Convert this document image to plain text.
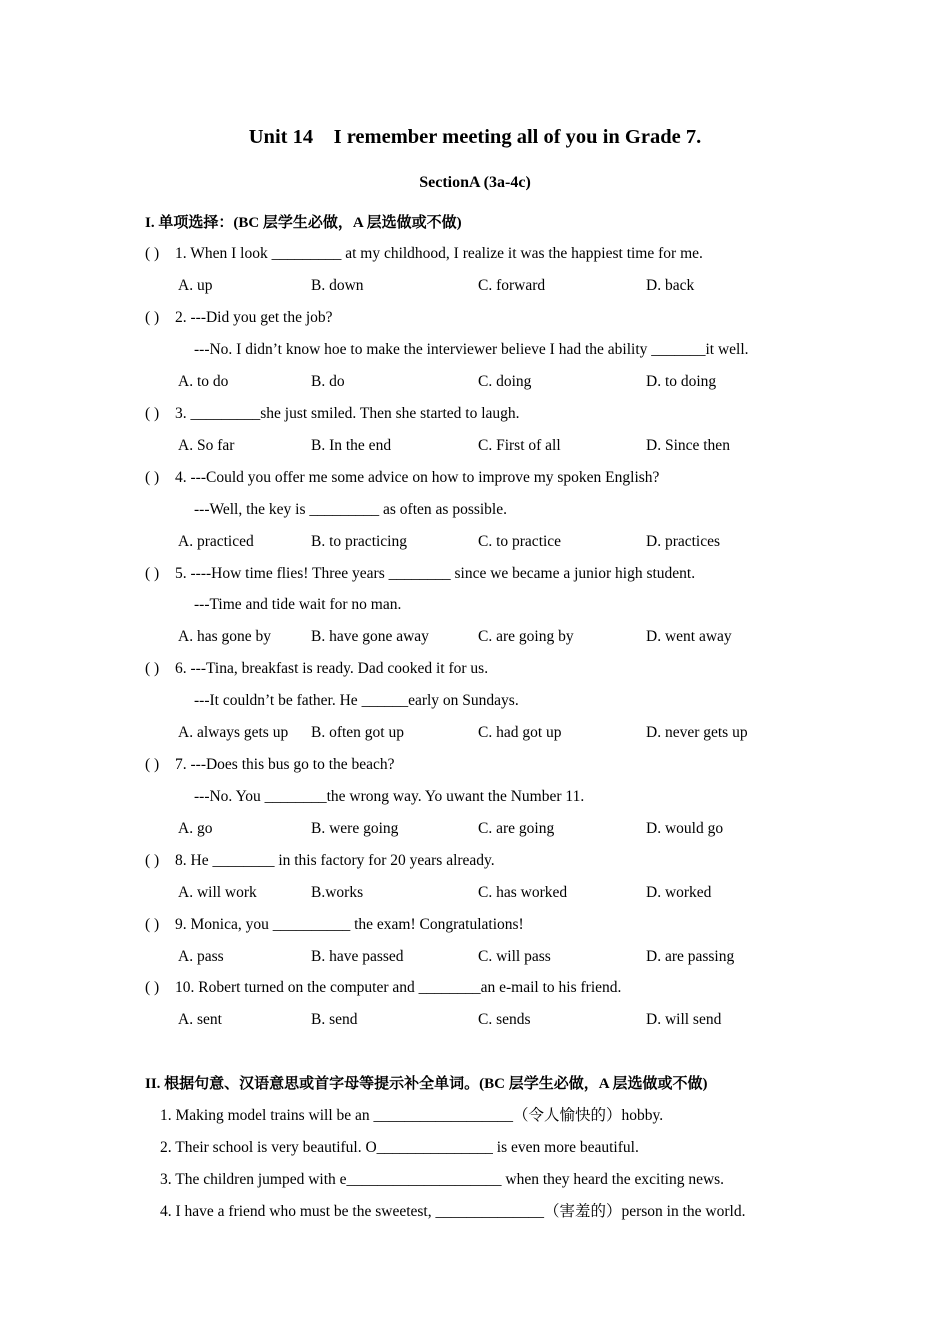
Unit 14    I remember meeting all of you in Grade 7.
SectionA (3a-4c)
I. 单项选择：(BC 层学生必做，A 层选做或不做)
( ) 1. When I look _________ at my childhood, I realize it was the happiest time for me.
A. up	B. down	C. forward	D. back
( ) 2. ---Did you get the job?
---No. I didn’t know hoe to make the interviewer believe I had the ability _______it well.
A. to do	B. do	C. doing	D. to doing
( ) 3. _________she just smiled. Then she started to laugh.
A. So far	B. In the end	C. First of all	D. Since then
( ) 4. ---Could you offer me some advice on how to improve my spoken English?
---Well, the key is _________ as often as possible.
A. practiced	B. to practicing	C. to practice	D. practices
( ) 5. ----How time flies! Three years ________ since we became a junior high student.
---Time and tide wait for no man.
A. has gone by	B. have gone away	C. are going by	D. went away
( ) 6. ---Tina, breakfast is ready. Dad cooked it for us.
---It couldn’t be father. He ______early on Sundays.
A. always gets up B. often got up	C. had got up	D. never gets up
( ) 7. ---Does this bus go to the beach?
---No. You ________the wrong way. Yo uwant the Number 11.
A. go	B. were going	C. are going	D. would go
( ) 8. He ________ in this factory for 20 years already.
A. will work	B.works	C. has worked	D. worked
( ) 9. Monica, you __________ the exam! Congratulations!
A. pass	B. have passed	C. will pass	D. are passing
( ) 10. Robert turned on the computer and ________an e-mail to his friend.
A. sent	B. send	C. sends	D. will send
II. 根据句意、汉语意思或首字母等提示补全单词。(BC 层学生必做，A 层选做或不做)
1. Making model trains will be an __________________（令人愉快的）hobby.
2. Their school is very beautiful. O_______________ is even more beautiful.
3. The children jumped with e____________________ when they heard the exciting news.
4. I have a friend who must be the sweetest, ______________（害羞的）person in the world.
